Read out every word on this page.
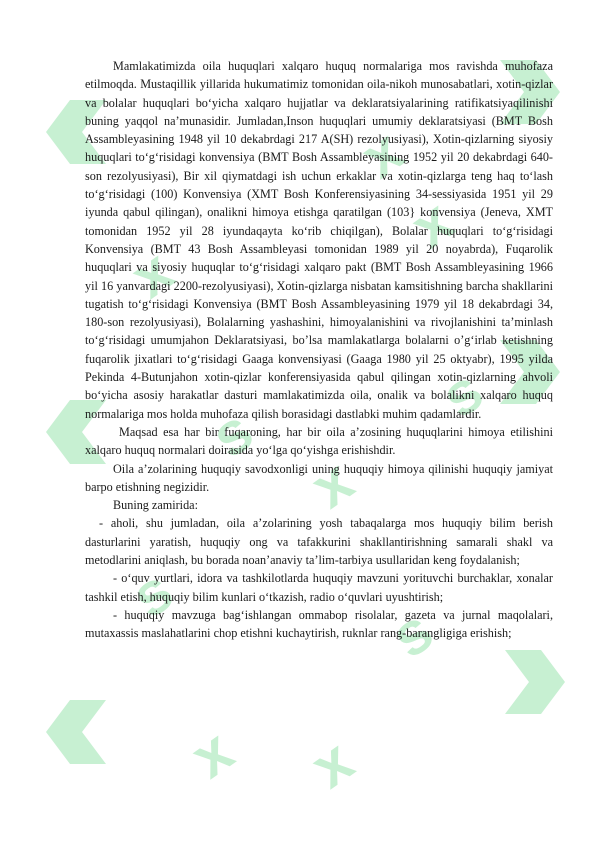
x
x
x
x
s
x
s
s
s
x

Mamlakatimizda oila huquqlari xalqaro huquq normalariga mos ravishda muhofaza etilmoqda. Mustaqillik yillarida hukumatimiz tomonidan oila-nikoh munosabatlari, xotin-qizlar va bolalar huquqlari bo‘yicha xalqaro hujjatlar va deklaratsiyalarining ratifikatsiyaqilinishi buning yaqqol na’munasidir. Jumladan,Inson huquqlari umumiy deklaratsiyasi (BMT Bosh Assambleyasining 1948 yil 10 dekabrdagi 217 A(SH) rezolyusiyasi), Xotin-qizlarning siyosiy huquqlari to‘g‘risidagi konvensiya (BMT Bosh Assambleyasining 1952 yil 20 dekabrdagi 640-son rezolyusiyasi), Bir xil qiymatdagi ish uchun erkaklar va xotin-qizlarga teng haq to‘lash to‘g‘risidagi (100) Konvensiya (XMT Bosh Konferensiyasining 34-sessiyasida 1951 yil 29 iyunda qabul qilingan), onalikni himoya etishga qaratilgan (103} konvensiya (Jeneva, XMT tomonidan 1952 yil 28 iyundaqayta ko‘rib chiqilgan), Bolalar huquqlari to‘g‘risidagi Konvensiya (BMT 43 Bosh Assambleyasi tomonidan 1989 yil 20 noyabrda), Fuqarolik huquqlari va siyosiy huquqlar to‘g‘risidagi xalqaro pakt (BMT Bosh Assambleyasining 1966 yil 16 yanvardagi 2200-rezolyusiyasi), Xotin-qizlarga nisbatan kamsitishning barcha shakllarini tugatish to‘g‘risidagi Konvensiya (BMT Bosh Assambleyasining 1979 yil 18 dekabrdagi 34, 180-son rezolyusiyasi), Bolalarning yashashini, himoyalanishini va rivojlanishini ta’minlash to‘g‘risidagi umumjahon Deklaratsiyasi, bo’lsa mamlakatlarga bolalarni o’g‘irlab ketishning fuqarolik jixatlari to‘g‘risidagi Gaaga konvensiyasi (Gaaga 1980 yil 25 oktyabr), 1995 yilda Pekinda 4-Butunjahon xotin-qizlar konferensiyasida qabul qilingan xotin-qizlarning ahvoli bo‘yicha asosiy harakatlar dasturi mamlakatimizda oila, onalik va bolalikni xalqaro huquq normalariga mos holda muhofaza qilish borasidagi dastlabki muhim qadamlardir.

Maqsad esa har bir fuqaroning, har bir oila a’zosining huquqlarini himoya etilishini xalqaro huquq normalari doirasida yo‘lga qo‘yishga erishishdir.

Oila a’zolarining huquqiy savodxonligi uning huquqiy himoya qilinishi huquqiy jamiyat barpo etishning negizidir.

Buning zamirida:

- aholi, shu jumladan, oila a’zolarining yosh tabaqalarga mos huquqiy bilim berish dasturlarini yaratish, huquqiy ong va tafakkurini shakllantirishning samarali shakl va metodlarini aniqlash, bu borada noan’anaviy ta’lim-tarbiya usullaridan keng foydalanish;

- o‘quv yurtlari, idora va tashkilotlarda huquqiy mavzuni yorituvchi burchaklar, xonalar tashkil etish, huquqiy bilim kunlari o‘tkazish, radio o‘quvlari uyushtirish;

- huquqiy mavzuga bag‘ishlangan ommabop risolalar, gazeta va jurnal maqolalari, mutaxassis maslahatlarini chop etishni kuchaytirish, ruknlar rang-barangligiga erishish;
